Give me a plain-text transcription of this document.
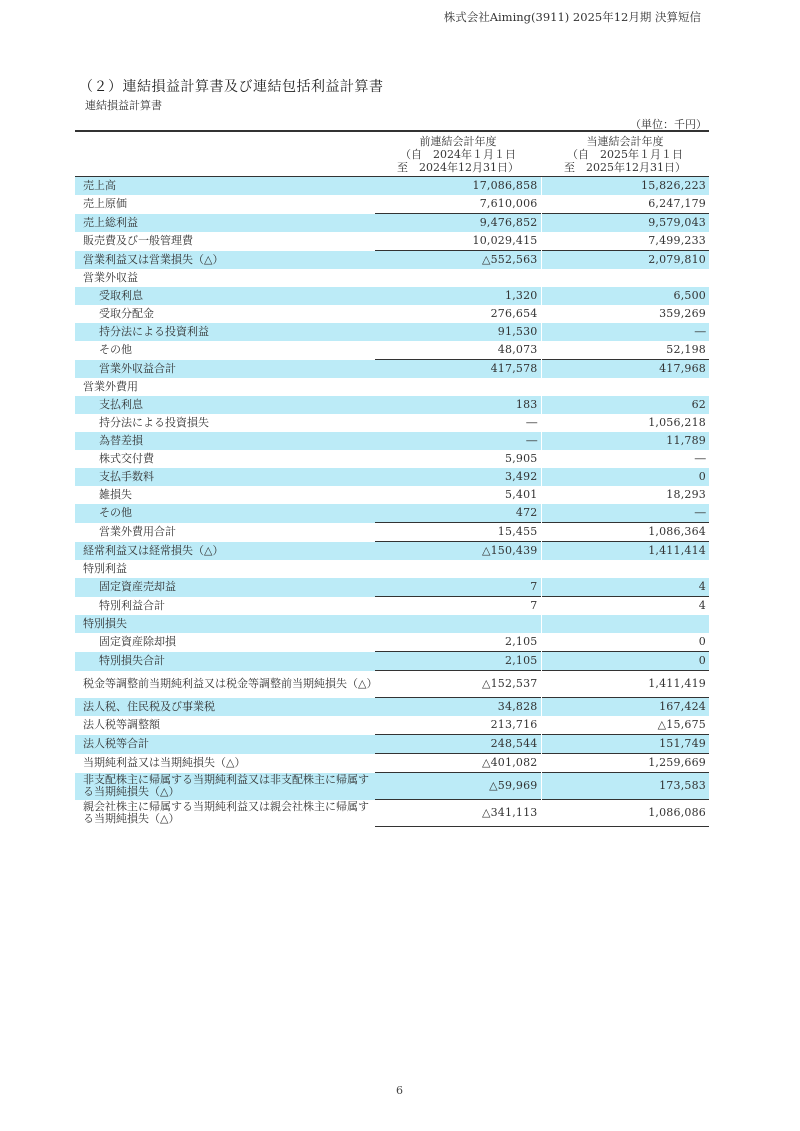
株式会社Aiming(3911) 2025年12月期 決算短信
（２）連結損益計算書及び連結包括利益計算書
連結損益計算書
（単位：千円）

前連結会計年度
（自　2024年１月１日
至　2024年12月31日）

当連結会計年度
（自　2025年１月１日
至　2025年12月31日）

売上高	17,086,858	15,826,223
売上原価	7,610,006	6,247,179
売上総利益	9,476,852	9,579,043
販売費及び一般管理費	10,029,415	7,499,233
営業利益又は営業損失（△）	△552,563	2,079,810
営業外収益		
受取利息	1,320	6,500
受取分配金	276,654	359,269
持分法による投資利益	91,530	―
その他	48,073	52,198
営業外収益合計	417,578	417,968
営業外費用		
支払利息	183	62
持分法による投資損失	―	1,056,218
為替差損	―	11,789
株式交付費	5,905	―
支払手数料	3,492	0
雑損失	5,401	18,293
その他	472	―
営業外費用合計	15,455	1,086,364
経常利益又は経常損失（△）	△150,439	1,411,414
特別利益		
固定資産売却益	7	4
特別利益合計	7	4
特別損失		
固定資産除却損	2,105	0
特別損失合計	2,105	0
税金等調整前当期純利益又は税金等調整前当期純損失（△）	△152,537	1,411,419
法人税、住民税及び事業税	34,828	167,424
法人税等調整額	213,716	△15,675
法人税等合計	248,544	151,749
当期純利益又は当期純損失（△）	△401,082	1,259,669
非支配株主に帰属する当期純利益又は非支配株主に帰属する当期純損失（△）	△59,969	173,583
親会社株主に帰属する当期純利益又は親会社株主に帰属する当期純損失（△）	△341,113	1,086,086
6
